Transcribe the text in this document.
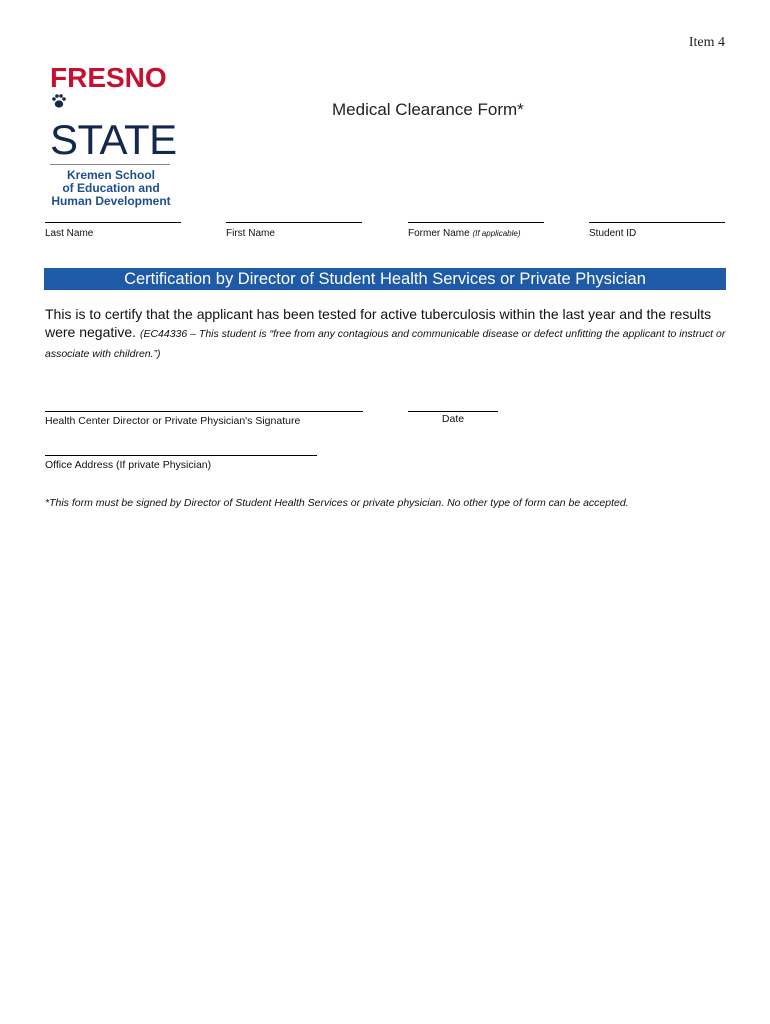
Item 4
FRESNO
STATE
Kremen School
of Education and
Human Development
Medical Clearance Form*
Last Name	First Name	Former Name (If applicable)	Student ID
Certification by Director of Student Health Services or Private Physician
This is to certify that the applicant has been tested for active tuberculosis within the last year and the results were negative. (EC44336 – This student is “free from any contagious and communicable disease or defect unfitting the applicant to instruct or associate with children.”)
Health Center Director or Private Physician's Signature	Date
Office Address (If private Physician)
*This form must be signed by Director of Student Health Services or private physician. No other type of form can be accepted.
